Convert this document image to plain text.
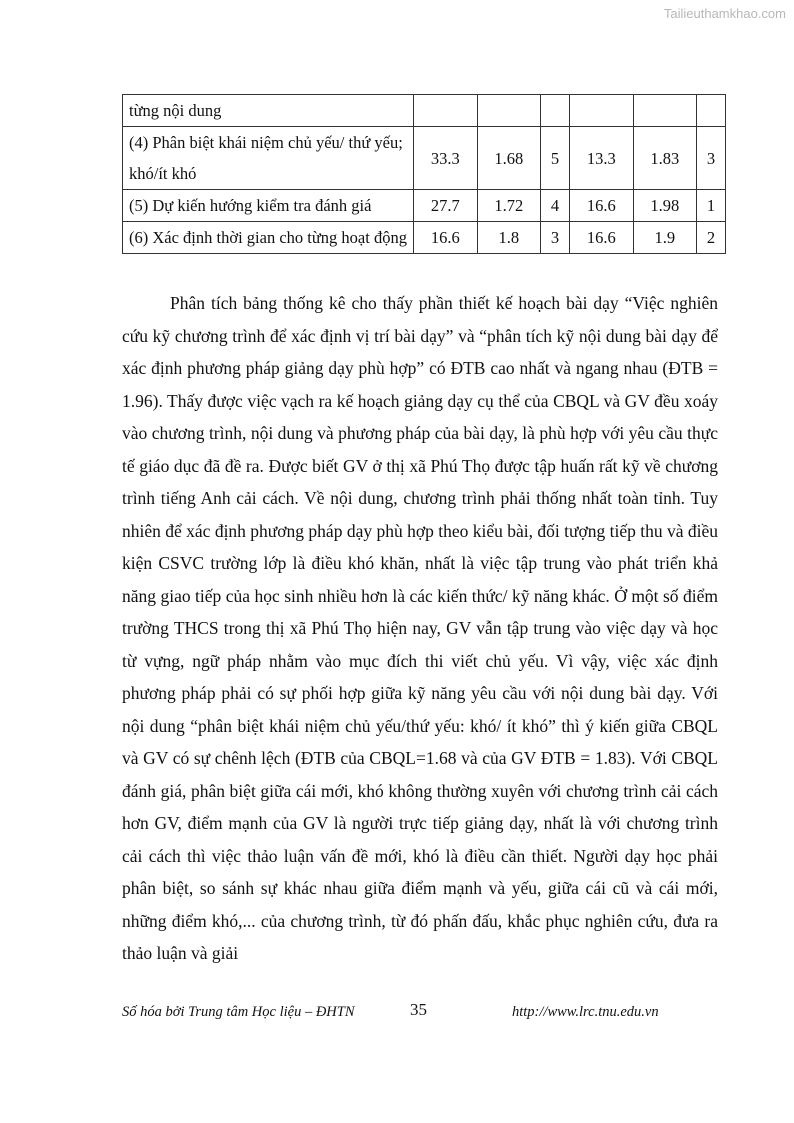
Tailieuthamkhao.com
từng nội dung						
(4) Phân biệt khái niệm chủ yếu/ thứ yếu; khó/ít khó	33.3	1.68	5	13.3	1.83	3
(5) Dự kiến hướng kiểm tra đánh giá	27.7	1.72	4	16.6	1.98	1
(6) Xác định thời gian cho từng hoạt động	16.6	1.8	3	16.6	1.9	2

Phân tích bảng thống kê cho thấy phần thiết kế hoạch bài dạy “Việc nghiên cứu kỹ chương trình để xác định vị trí bài dạy” và “phân tích kỹ nội dung bài dạy để xác định phương pháp giảng dạy phù hợp” có ĐTB cao nhất và ngang nhau (ĐTB = 1.96). Thấy được việc vạch ra kế hoạch giảng dạy cụ thể của CBQL và GV đều xoáy vào chương trình, nội dung và phương pháp của bài dạy, là phù hợp với yêu cầu thực tế giáo dục đã đề ra. Được biết GV ở thị xã Phú Thọ được tập huấn rất kỹ về chương trình tiếng Anh cải cách. Về nội dung, chương trình phải thống nhất toàn tỉnh. Tuy nhiên để xác định phương pháp dạy phù hợp theo kiểu bài, đối tượng tiếp thu và điều kiện CSVC trường lớp là điều khó khăn, nhất là việc tập trung vào phát triển khả năng giao tiếp của học sinh nhiều hơn là các kiến thức/ kỹ năng khác. Ở một số điểm trường THCS trong thị xã Phú Thọ hiện nay, GV vẫn tập trung vào việc dạy và học từ vựng, ngữ pháp nhằm vào mục đích thi viết chủ yếu. Vì vậy, việc xác định phương pháp phải có sự phối hợp giữa kỹ năng yêu cầu với nội dung bài dạy. Với nội dung “phân biệt khái niệm chủ yếu/thứ yếu: khó/ ít khó” thì ý kiến giữa CBQL và GV có sự chênh lệch (ĐTB của CBQL=1.68 và của GV ĐTB = 1.83). Với CBQL đánh giá, phân biệt giữa cái mới, khó không thường xuyên với chương trình cải cách hơn GV, điểm mạnh của GV là người trực tiếp giảng dạy, nhất là với chương trình cải cách thì việc thảo luận vấn đề mới, khó là điều cần thiết. Người dạy học phải phân biệt, so sánh sự khác nhau giữa điểm mạnh và yếu, giữa cái cũ và cái mới, những điểm khó,... của chương trình, từ đó phấn đấu, khắc phục nghiên cứu, đưa ra thảo luận và giải

Số hóa bởi Trung tâm Học liệu – ĐHTN	35	http://www.lrc.tnu.edu.vn
